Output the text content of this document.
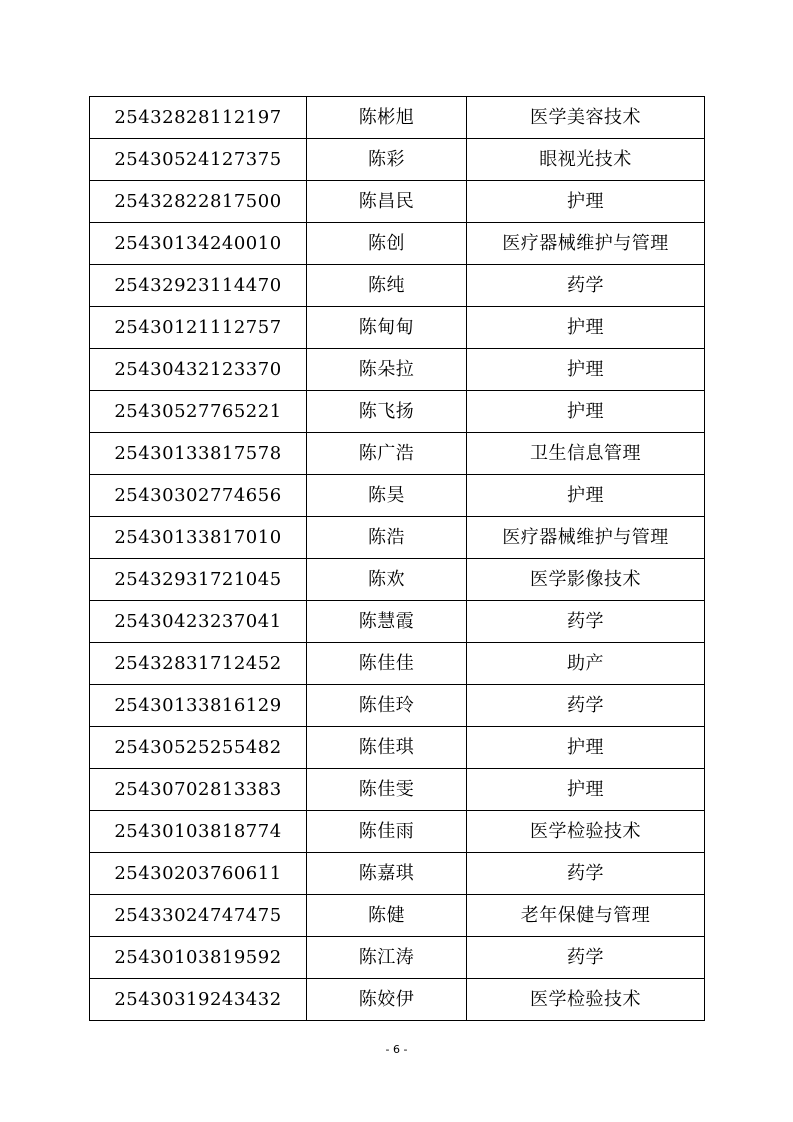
25432828112197	陈彬旭	医学美容技术
25430524127375	陈彩	眼视光技术
25432822817500	陈昌民	护理
25430134240010	陈创	医疗器械维护与管理
25432923114470	陈纯	药学
25430121112757	陈甸甸	护理
25430432123370	陈朵拉	护理
25430527765221	陈飞扬	护理
25430133817578	陈广浩	卫生信息管理
25430302774656	陈昊	护理
25430133817010	陈浩	医疗器械维护与管理
25432931721045	陈欢	医学影像技术
25430423237041	陈慧霞	药学
25432831712452	陈佳佳	助产
25430133816129	陈佳玲	药学
25430525255482	陈佳琪	护理
25430702813383	陈佳雯	护理
25430103818774	陈佳雨	医学检验技术
25430203760611	陈嘉琪	药学
25433024747475	陈健	老年保健与管理
25430103819592	陈江涛	药学
25430319243432	陈姣伊	医学检验技术
- 6 -
